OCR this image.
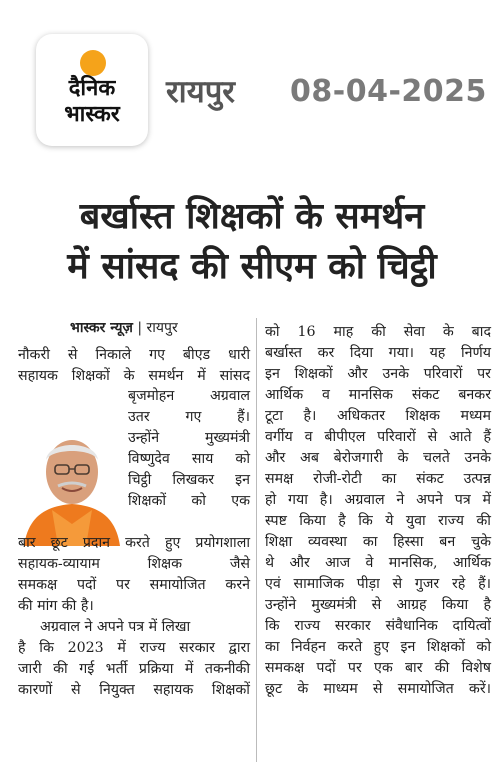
दैनिक
भास्कर
रायपुर 08-04-2025
बर्खास्त शिक्षकों के समर्थन
में सांसद की सीएम को चिट्ठी
भास्कर न्यूज़ | रायपुर
नौकरी से निकाले गए बीएड धारी
सहायक शिक्षकों के समर्थन में सांसद
बृजमोहन अग्रवाल
उतर गए हैं।
उन्होंने मुख्यमंत्री
विष्णुदेव साय को
चिट्ठी लिखकर इन
शिक्षकों को एक
बार छूट प्रदान करते हुए प्रयोगशाला
सहायक-व्यायाम शिक्षक जैसे
समकक्ष पदों पर समायोजित करने
की मांग की है।
अग्रवाल ने अपने पत्र में लिखा
है कि 2023 में राज्य सरकार द्वारा
जारी की गई भर्ती प्रक्रिया में तकनीकी
कारणों से नियुक्त सहायक शिक्षकों
को 16 माह की सेवा के बाद
बर्खास्त कर दिया गया। यह निर्णय
इन शिक्षकों और उनके परिवारों पर
आर्थिक व मानसिक संकट बनकर
टूटा है। अधिकतर शिक्षक मध्यम
वर्गीय व बीपीएल परिवारों से आते हैं
और अब बेरोजगारी के चलते उनके
समक्ष रोजी-रोटी का संकट उत्पन्न
हो गया है। अग्रवाल ने अपने पत्र में
स्पष्ट किया है कि ये युवा राज्य की
शिक्षा व्यवस्था का हिस्सा बन चुके
थे और आज वे मानसिक, आर्थिक
एवं सामाजिक पीड़ा से गुजर रहे हैं।
उन्होंने मुख्यमंत्री से आग्रह किया है
कि राज्य सरकार संवैधानिक दायित्वों
का निर्वहन करते हुए इन शिक्षकों को
समकक्ष पदों पर एक बार की विशेष
छूट के माध्यम से समायोजित करें।
